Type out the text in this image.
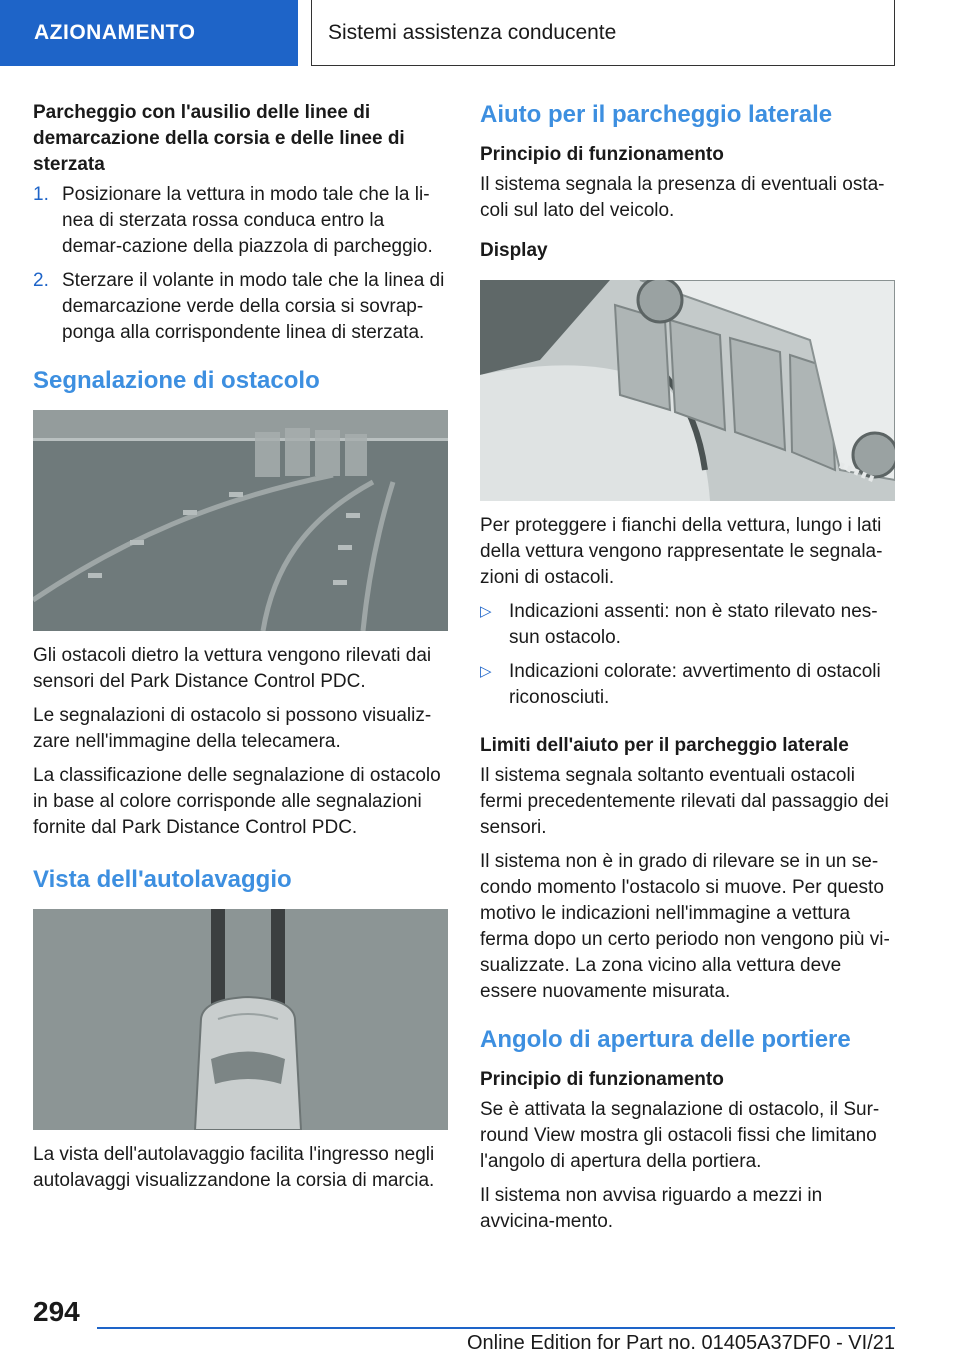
AZIONAMENTO	Sistemi assistenza conducente
Parcheggio con l'ausilio delle linee di demarcazione della corsia e delle linee di sterzata
1. Posizionare la vettura in modo tale che la li-nea di sterzata rossa conduca entro la demar-cazione della piazzola di parcheggio.
2. Sterzare il volante in modo tale che la linea di demarcazione verde della corsia si sovrap-ponga alla corrispondente linea di sterzata.
Segnalazione di ostacolo
Gli ostacoli dietro la vettura vengono rilevati dai sensori del Park Distance Control PDC.
Le segnalazioni di ostacolo si possono visualiz-zare nell'immagine della telecamera.
La classificazione delle segnalazione di ostacolo in base al colore corrisponde alle segnalazioni fornite dal Park Distance Control PDC.
Vista dell'autolavaggio
La vista dell'autolavaggio facilita l'ingresso negli autolavaggi visualizzandone la corsia di marcia.
Aiuto per il parcheggio laterale
Principio di funzionamento
Il sistema segnala la presenza di eventuali osta-coli sul lato del veicolo.
Display
Per proteggere i fianchi della vettura, lungo i lati della vettura vengono rappresentate le segnala-zioni di ostacoli.
▷ Indicazioni assenti: non è stato rilevato nes-sun ostacolo.
▷ Indicazioni colorate: avvertimento di ostacoli riconosciuti.
Limiti dell'aiuto per il parcheggio laterale
Il sistema segnala soltanto eventuali ostacoli fermi precedentemente rilevati dal passaggio dei sensori.
Il sistema non è in grado di rilevare se in un se-condo momento l'ostacolo si muove. Per questo motivo le indicazioni nell'immagine a vettura ferma dopo un certo periodo non vengono più vi-sualizzate. La zona vicino alla vettura deve essere nuovamente misurata.
Angolo di apertura delle portiere
Principio di funzionamento
Se è attivata la segnalazione di ostacolo, il Sur-round View mostra gli ostacoli fissi che limitano l'angolo di apertura della portiera.
Il sistema non avvisa riguardo a mezzi in avvicina-mento.
294
Online Edition for Part no. 01405A37DF0 - VI/21
